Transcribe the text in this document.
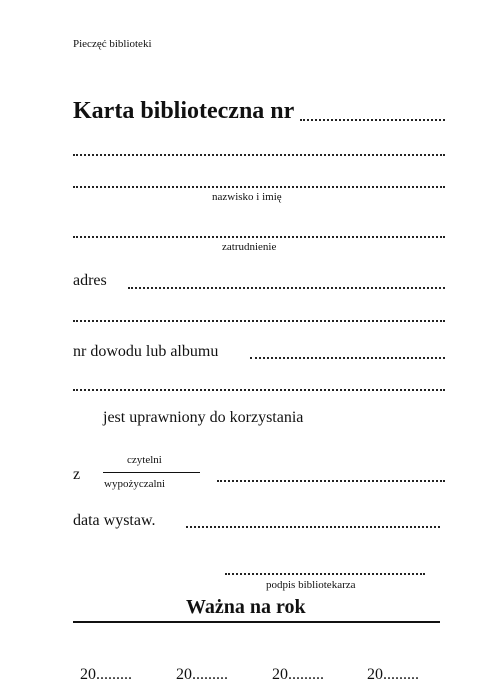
Pieczęć biblioteki
Karta biblioteczna nr
nazwisko i imię
zatrudnienie
adres
nr dowodu lub albumu
jest uprawniony do korzystania
z
czytelni
wypożyczalni
data wystaw.
podpis bibliotekarza
Ważna na rok
20.........	20.........	20.........	20.........
